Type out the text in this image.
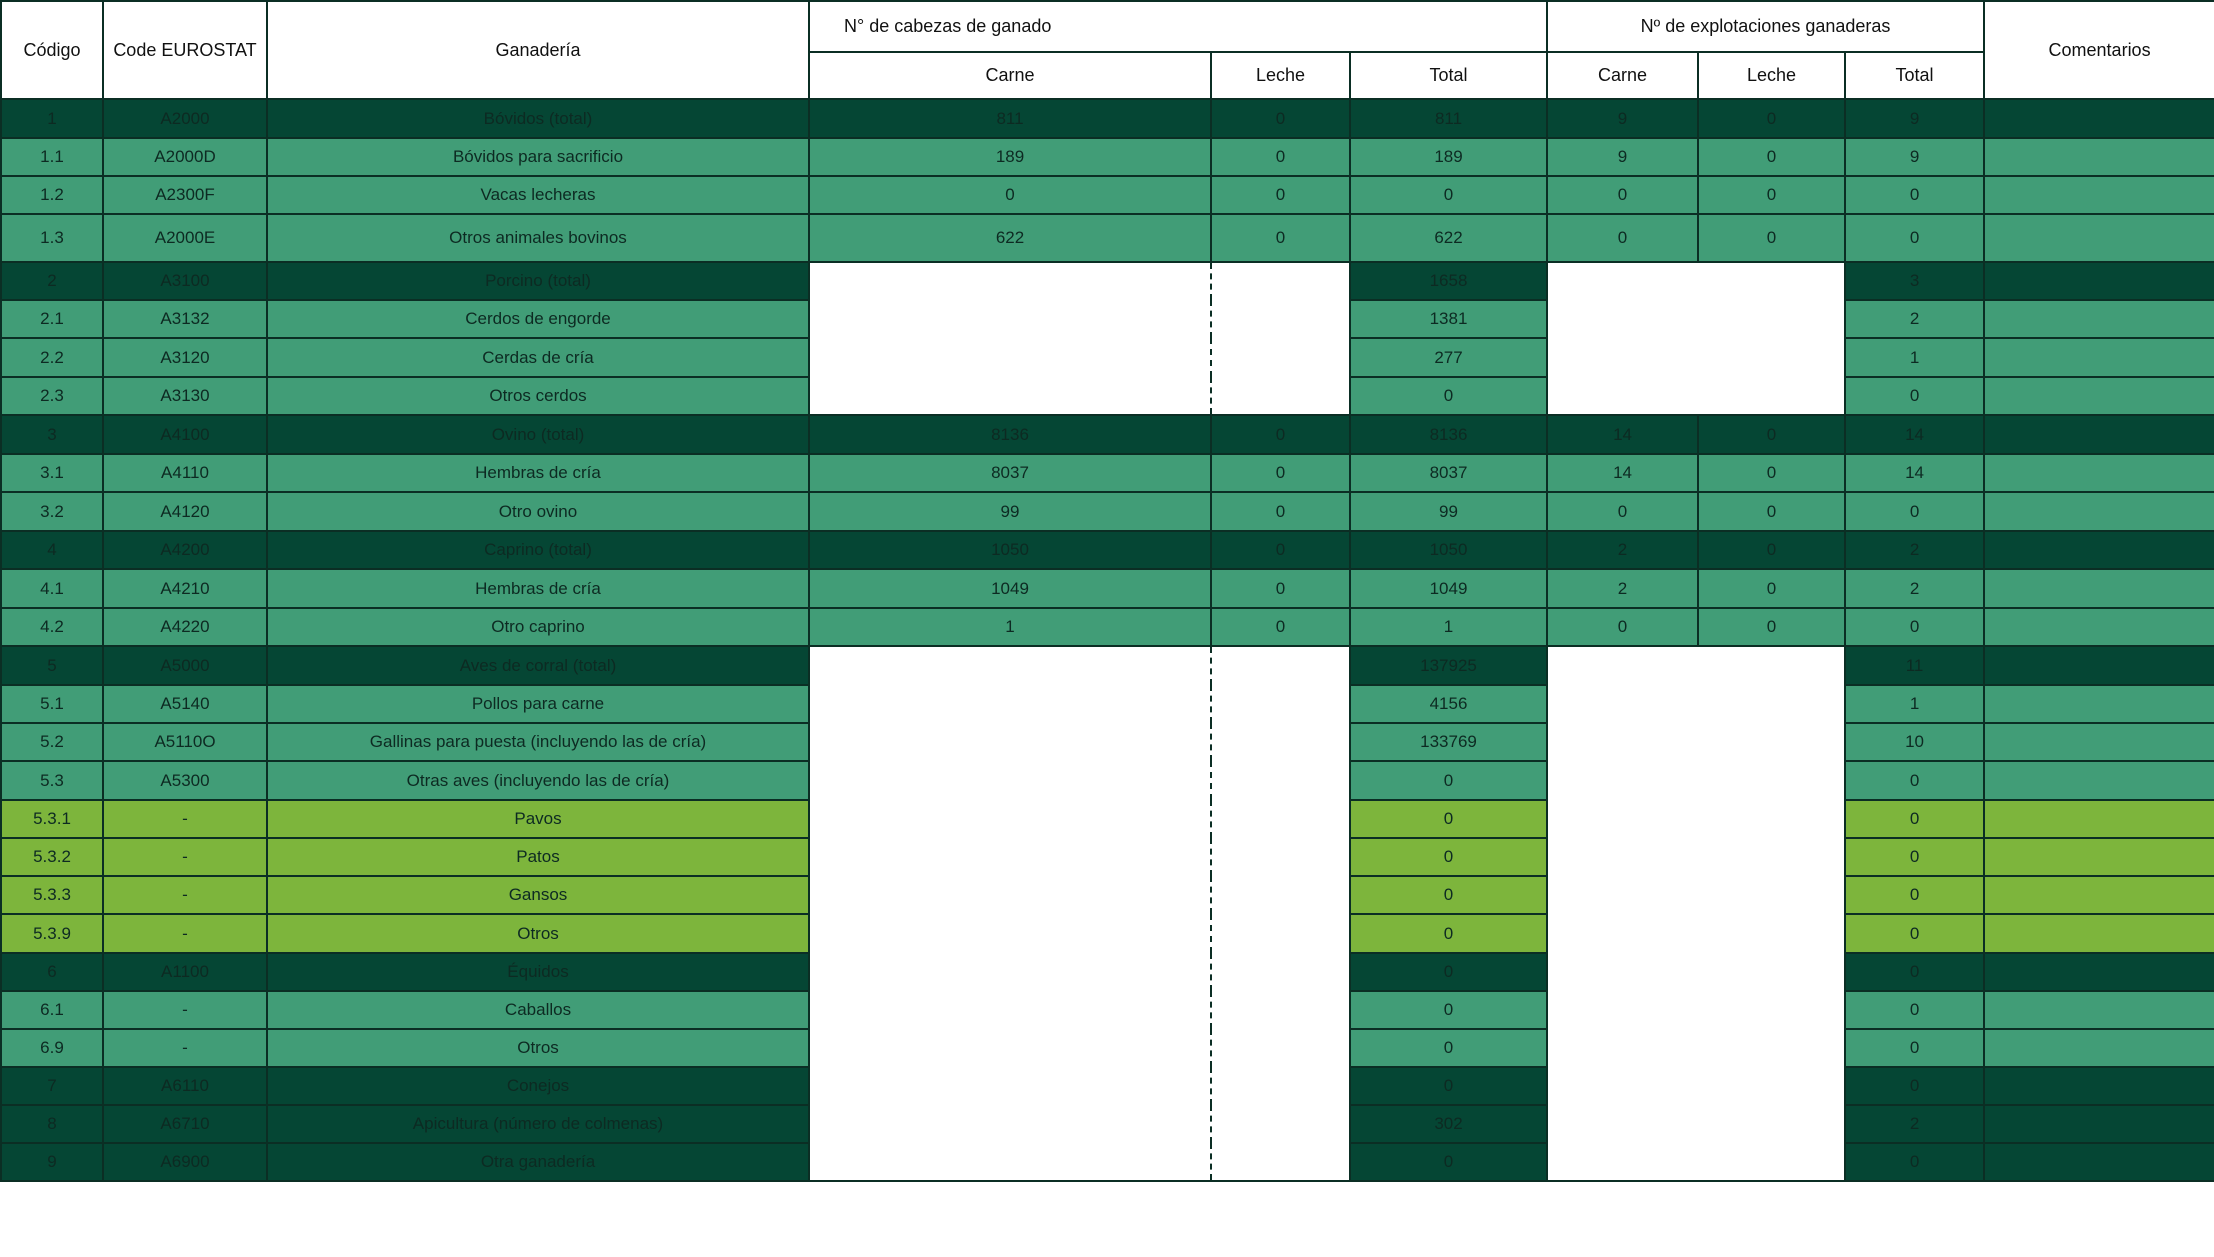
Código	Code EUROSTAT	Ganadería	N° de cabezas de ganado			Nº de explotaciones ganaderas			Comentarios
			Carne	Leche	Total	Carne	Leche	Total	
1	A2000	Bóvidos (total)	811	0	811	9	0	9	
1.1	A2000D	Bóvidos para sacrificio	189	0	189	9	0	9	
1.2	A2300F	Vacas lecheras	0	0	0	0	0	0	
1.3	A2000E	Otros animales bovinos	622	0	622	0	0	0	
2	A3100	Porcino (total)			1658			3	
2.1	A3132	Cerdos de engorde			1381			2	
2.2	A3120	Cerdas de cría			277			1	
2.3	A3130	Otros cerdos			0			0	
3	A4100	Ovino (total)	8136	0	8136	14	0	14	
3.1	A4110	Hembras de cría	8037	0	8037	14	0	14	
3.2	A4120	Otro ovino	99	0	99	0	0	0	
4	A4200	Caprino (total)	1050	0	1050	2	0	2	
4.1	A4210	Hembras de cría	1049	0	1049	2	0	2	
4.2	A4220	Otro caprino	1	0	1	0	0	0	
5	A5000	Aves de corral (total)			137925			11	
5.1	A5140	Pollos para carne			4156			1	
5.2	A5110O	Gallinas para puesta (incluyendo las de cría)			133769			10	
5.3	A5300	Otras aves (incluyendo las de cría)			0			0	
5.3.1	-	Pavos			0			0	
5.3.2	-	Patos			0			0	
5.3.3	-	Gansos			0			0	
5.3.9	-	Otros			0			0	
6	A1100	Équidos			0			0	
6.1	-	Caballos			0			0	
6.9	-	Otros			0			0	
7	A6110	Conejos			0			0	
8	A6710	Apicultura (número de colmenas)			302			2	
9	A6900	Otra ganadería			0			0	
